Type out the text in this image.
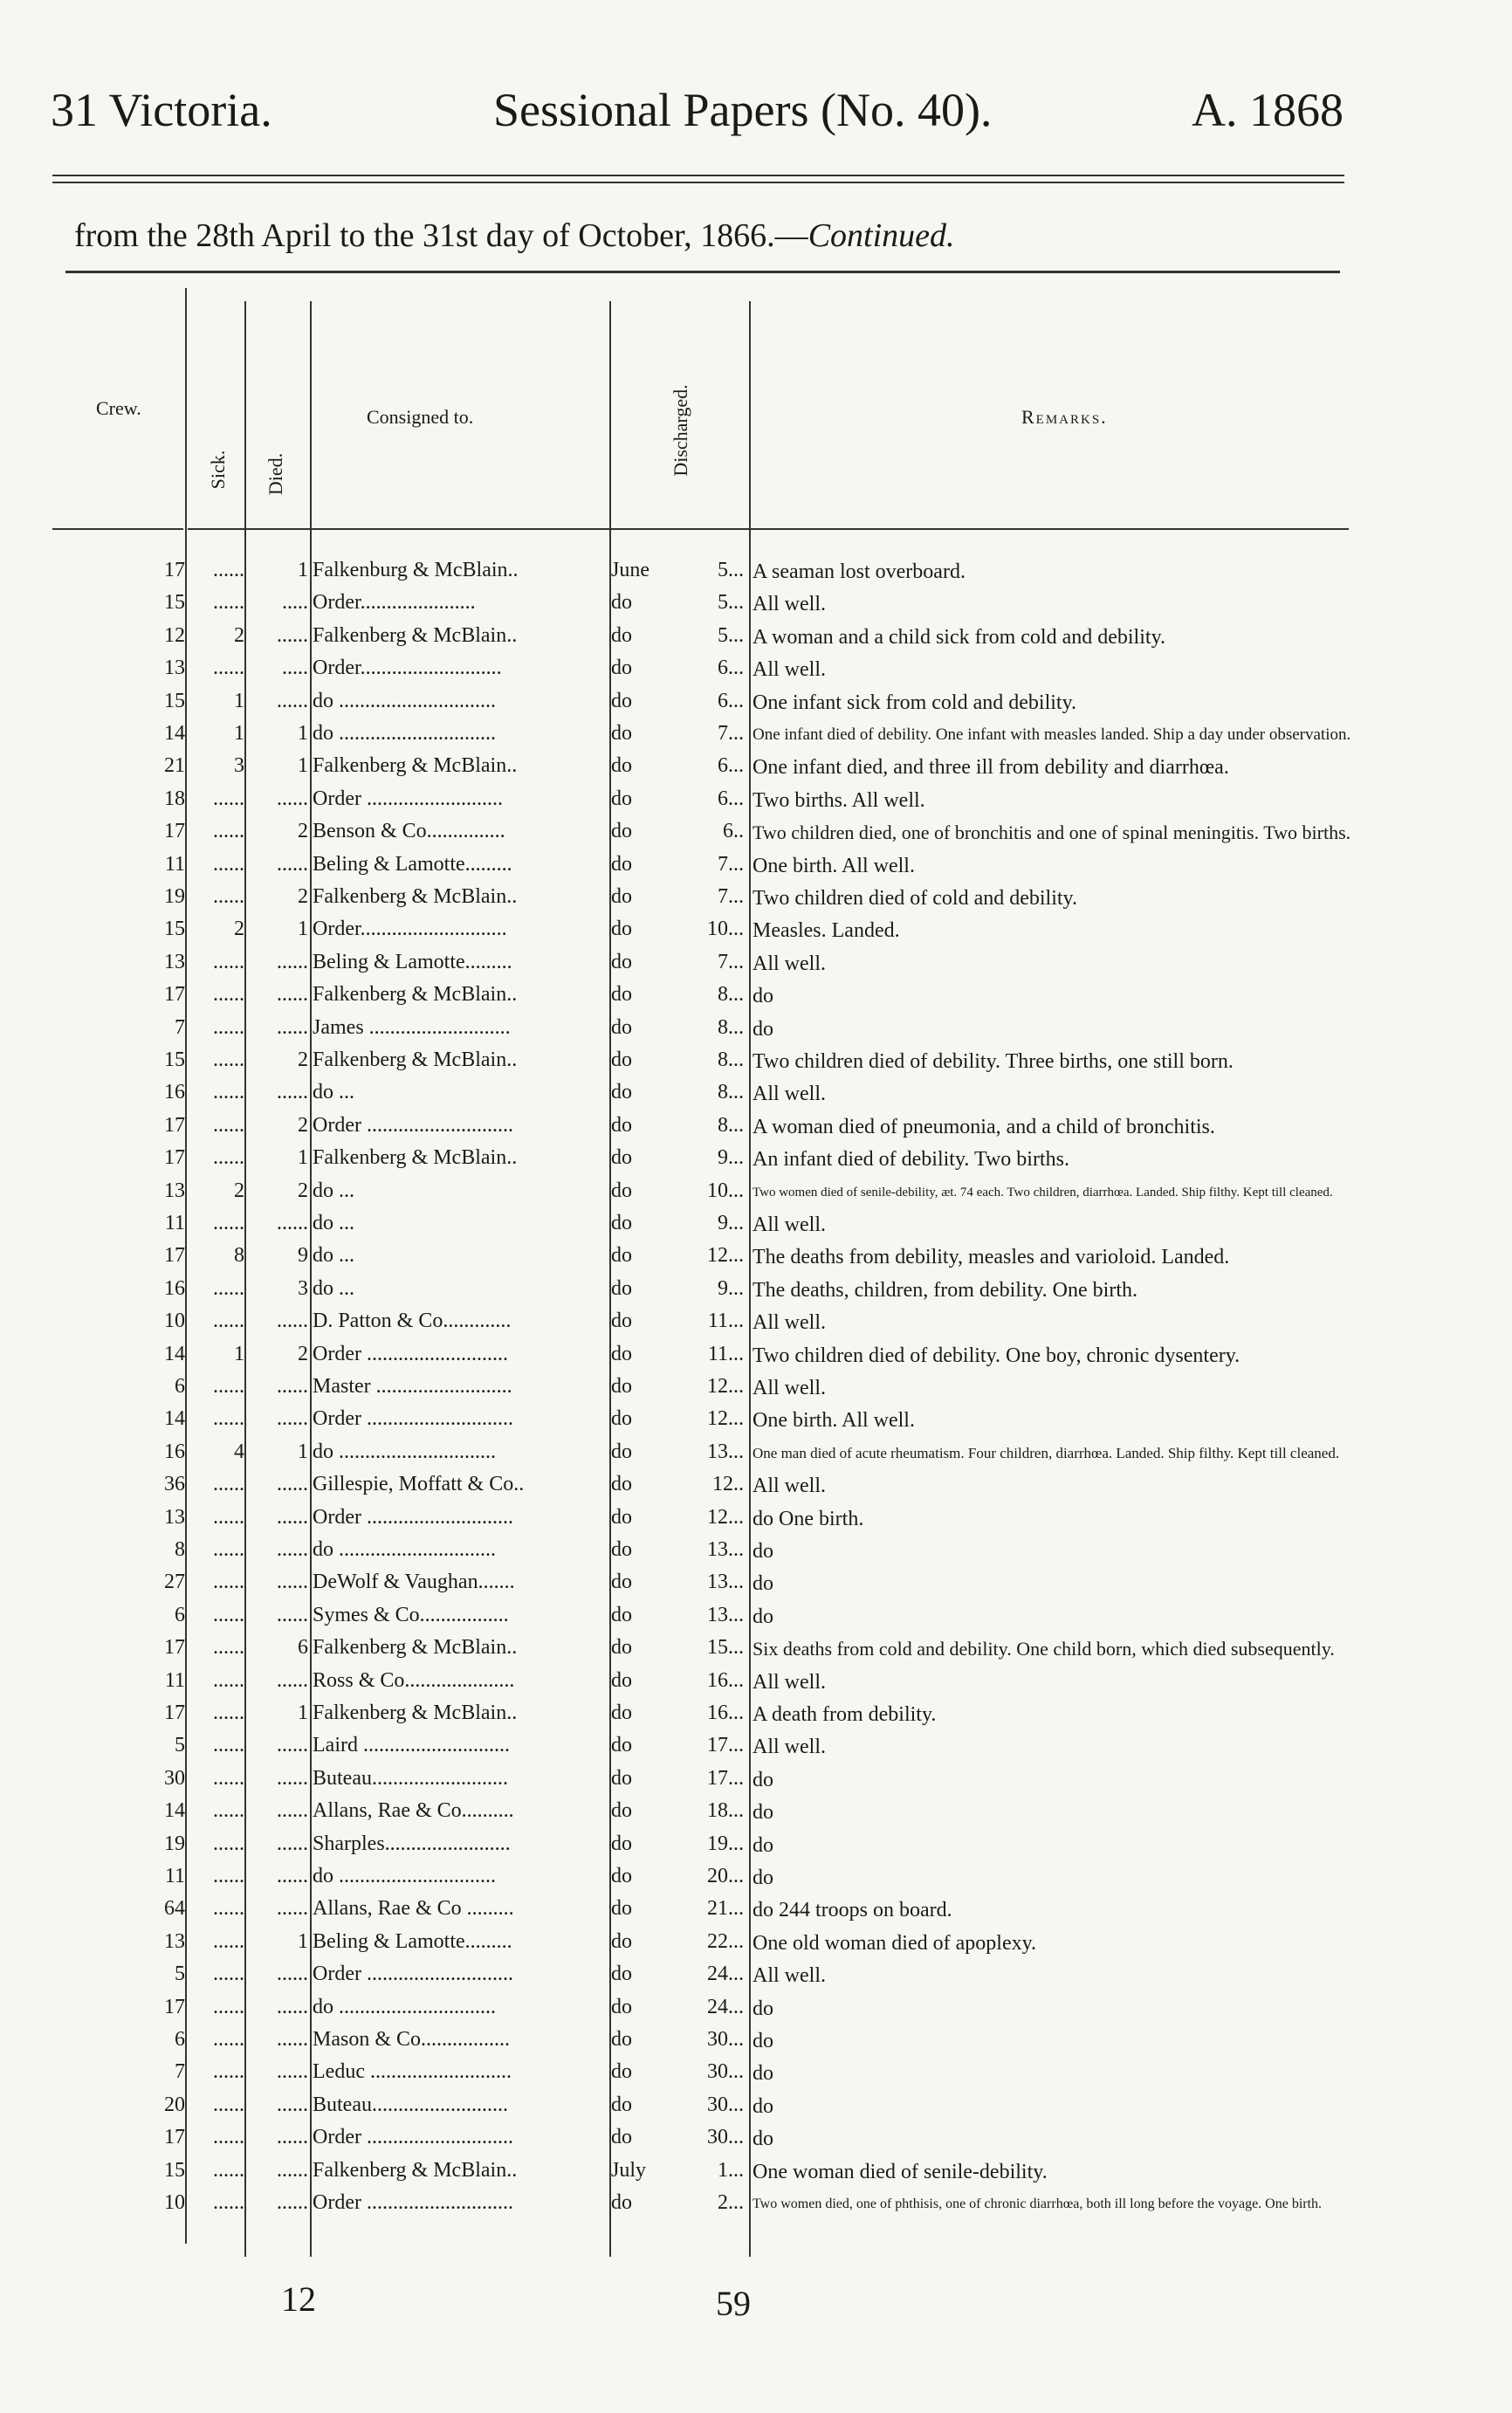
31 Victoria.	Sessional Papers (No. 40).	A. 1868
from the 28th April to the 31st day of October, 1866.—Continued.
Crew.
Sick. Died.
Consigned to.	Discharged.	Remarks.
17	......	1 Falkenburg & McBlain..	June	5... A seaman lost overboard.
15	......	..... Order......................	do	5... All well.
12	2	...... Falkenberg & McBlain..	do	5... A woman and a child sick from cold and debility.
13	......	..... Order...........................	do	6... All well.
15	1	...... do ..............................	do	6... One infant sick from cold and debility.
14	1	1 do ..............................	do	7... One infant died of debility. One infant with measles landed. Ship a day under observation.
21	3	1 Falkenberg & McBlain..	do	6... One infant died, and three ill from debility and diarrhœa.
18	......	...... Order ..........................	do	6... Two births. All well.
17	......	2 Benson & Co...............	do	6.. Two children died, one of bronchitis and one of spinal meningitis. Two births.
11	......	...... Beling & Lamotte.........	do	7... One birth. All well.
19	......	2 Falkenberg & McBlain..	do	7... Two children died of cold and debility.
15	2	1 Order............................	do	10... Measles. Landed.
13	......	...... Beling & Lamotte.........	do	7... All well.
17	......	...... Falkenberg & McBlain..	do	8... do
7	......	...... James ...........................	do	8... do
15	......	2 Falkenberg & McBlain..	do	8... Two children died of debility. Three births, one still born.
16	......	...... do ...	do	8... All well.
17	......	2 Order ............................	do	8... A woman died of pneumonia, and a child of bronchitis.
17	......	1 Falkenberg & McBlain..	do	9... An infant died of debility. Two births.
13	2	2 do ...	do	10... Two women died of senile-debility, æt. 74 each. Two children, diarrhœa. Landed. Ship filthy. Kept till cleaned.
11	......	...... do ...	do	9... All well.
17	8	9 do ...	do	12... The deaths from debility, measles and varioloid. Landed.
16	......	3 do ...	do	9... The deaths, children, from debility. One birth.
10	......	...... D. Patton & Co.............	do	11... All well.
14	1	2 Order ...........................	do	11... Two children died of debility. One boy, chronic dysentery.
6	......	...... Master ..........................	do	12... All well.
14	......	...... Order ............................	do	12... One birth. All well.
16	4	1 do ..............................	do	13... One man died of acute rheumatism. Four children, diarrhœa. Landed. Ship filthy. Kept till cleaned.
36	......	...... Gillespie, Moffatt & Co..	do	12.. All well.
13	......	...... Order ............................	do	12... do One birth.
8	......	...... do ..............................	do	13... do
27	......	...... DeWolf & Vaughan.......	do	13... do
6	......	...... Symes & Co.................	do	13... do
17	......	6 Falkenberg & McBlain..	do	15... Six deaths from cold and debility. One child born, which died subsequently.
11	......	...... Ross & Co.....................	do	16... All well.
17	......	1 Falkenberg & McBlain..	do	16... A death from debility.
5	......	...... Laird ............................	do	17... All well.
30	......	...... Buteau..........................	do	17... do
14	......	...... Allans, Rae & Co..........	do	18... do
19	......	...... Sharples........................	do	19... do
11	......	...... do ..............................	do	20... do
64	......	...... Allans, Rae & Co .........	do	21... do 244 troops on board.
13	......	1 Beling & Lamotte.........	do	22... One old woman died of apoplexy.
5	......	...... Order ............................	do	24... All well.
17	......	...... do ..............................	do	24... do
6	......	...... Mason & Co.................	do	30... do
7	......	...... Leduc ...........................	do	30... do
20	......	...... Buteau..........................	do	30... do
17	......	...... Order ............................	do	30... do
15	......	...... Falkenberg & McBlain..	July	1... One woman died of senile-debility.
10	......	...... Order ............................	do	2... Two women died, one of phthisis, one of chronic diarrhœa, both ill long before the voyage. One birth.
12	59
